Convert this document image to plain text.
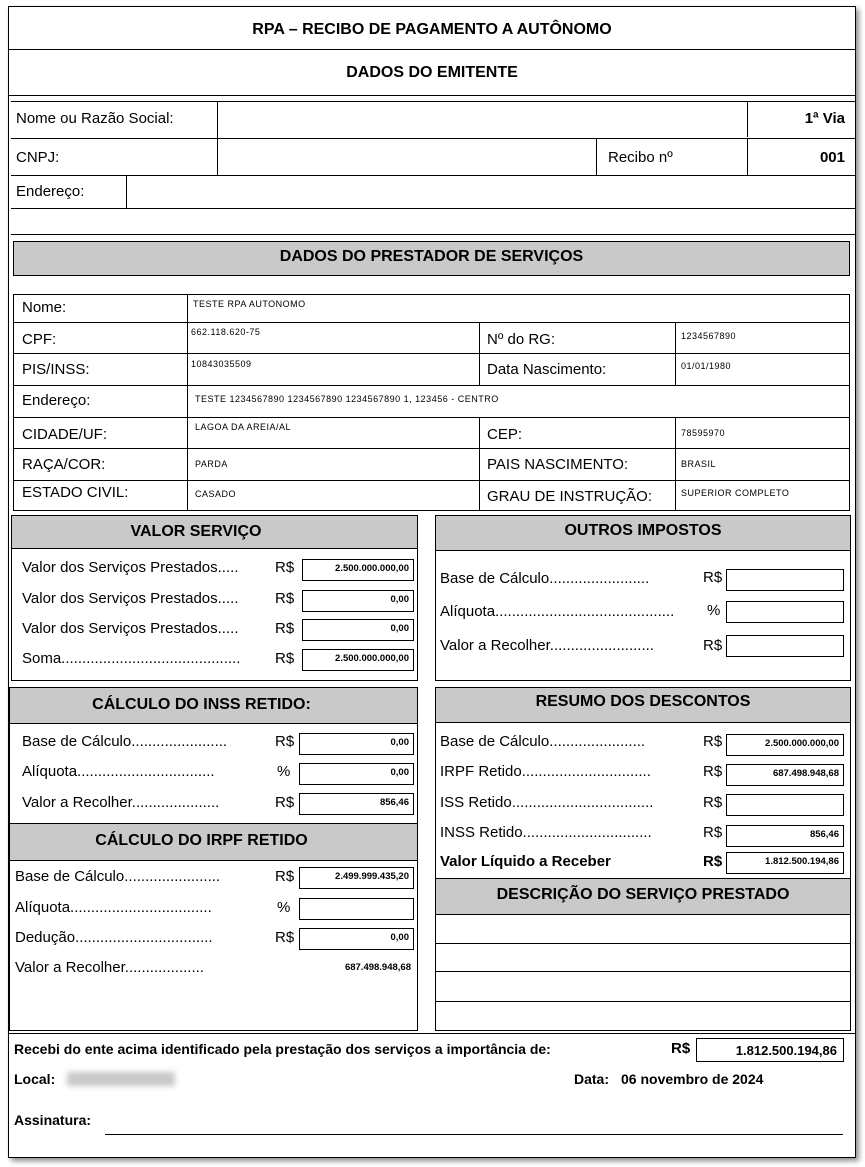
RPA – RECIBO DE PAGAMENTO A AUTÔNOMO
DADOS DO EMITENTE
Nome ou Razão Social:	1ª Via
CNPJ:	Recibo nº	001
Endereço:
DADOS DO PRESTADOR DE SERVIÇOS
Nome:	TESTE RPA AUTONOMO
CPF:	662.118.620-75	Nº do RG:	1234567890
PIS/INSS:	10843035509	Data Nascimento:	01/01/1980
Endereço:	TESTE 1234567890 1234567890 1234567890 1, 123456 - CENTRO
CIDADE/UF:	LAGOA DA AREIA/AL	CEP:	78595970
RAÇA/COR:	PARDA	PAIS NASCIMENTO:	BRASIL
ESTADO CIVIL:	CASADO	GRAU DE INSTRUÇÃO:	SUPERIOR COMPLETO
VALOR SERVIÇO
Valor dos Serviços Prestados..... R$	2.500.000.000,00
Valor dos Serviços Prestados..... R$	0,00
Valor dos Serviços Prestados..... R$	0,00
Soma........................................... R$	2.500.000.000,00
OUTROS IMPOSTOS
Base de Cálculo........................	R$
Alíquota........................................... %
Valor a Recolher.........................	R$
CÁLCULO DO INSS RETIDO:
Base de Cálculo.......................	R$	0,00
Alíquota.................................	%	0,00
Valor a Recolher.....................	R$	856,46
CÁLCULO DO IRPF RETIDO
Base de Cálculo.......................	R$	2.499.999.435,20
Alíquota..................................	%
Dedução.................................	R$	0,00
Valor a Recolher...................	687.498.948,68
RESUMO DOS DESCONTOS
Base de Cálculo.......................	R$	2.500.000.000,00
IRPF Retido...............................	R$	687.498.948,68
ISS Retido..................................	R$
INSS Retido...............................	R$	856,46
Valor Líquido a Receber	R$	1.812.500.194,86
DESCRIÇÃO DO SERVIÇO PRESTADO
Recebi do ente acima identificado pela prestação dos serviços a importância de:	R$	1.812.500.194,86
Local:	Data: 06 novembro de 2024
Assinatura:
